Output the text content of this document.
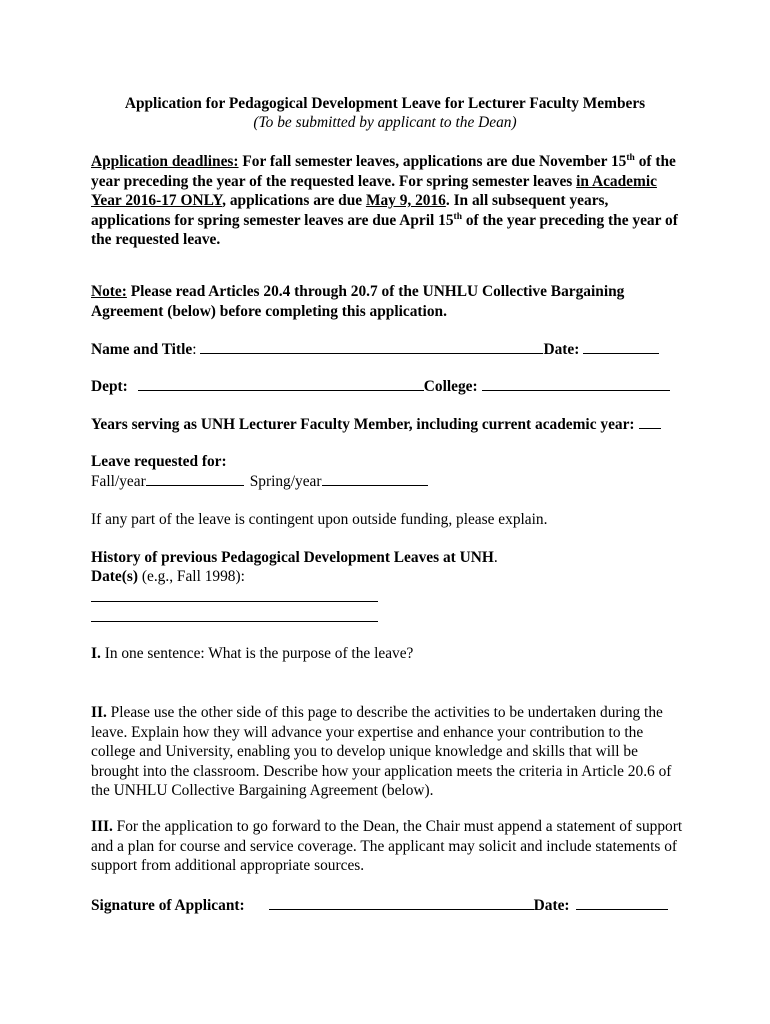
Application for Pedagogical Development Leave for Lecturer Faculty Members
(To be submitted by applicant to the Dean)
Application deadlines: For fall semester leaves, applications are due November 15th of the year preceding the year of the requested leave. For spring semester leaves in Academic Year 2016-17 ONLY, applications are due May 9, 2016. In all subsequent years, applications for spring semester leaves are due April 15th of the year preceding the year of the requested leave.
Note: Please read Articles 20.4 through 20.7 of the UNHLU Collective Bargaining Agreement (below) before completing this application.
Name and Title :	Date:
Dept:	College:
Years serving as UNH Lecturer Faculty Member, including current academic year:
Leave requested for:
Fall/year	Spring/year
If any part of the leave is contingent upon outside funding, please explain.
History of previous Pedagogical Development Leaves at UNH.
Date(s) (e.g., Fall 1998):
I. In one sentence: What is the purpose of the leave?
II. Please use the other side of this page to describe the activities to be undertaken during the leave. Explain how they will advance your expertise and enhance your contribution to the college and University, enabling you to develop unique knowledge and skills that will be brought into the classroom. Describe how your application meets the criteria in Article 20.6 of the UNHLU Collective Bargaining Agreement (below).
III. For the application to go forward to the Dean, the Chair must append a statement of support and a plan for course and service coverage. The applicant may solicit and include statements of support from additional appropriate sources.
Signature of Applicant:	Date:
